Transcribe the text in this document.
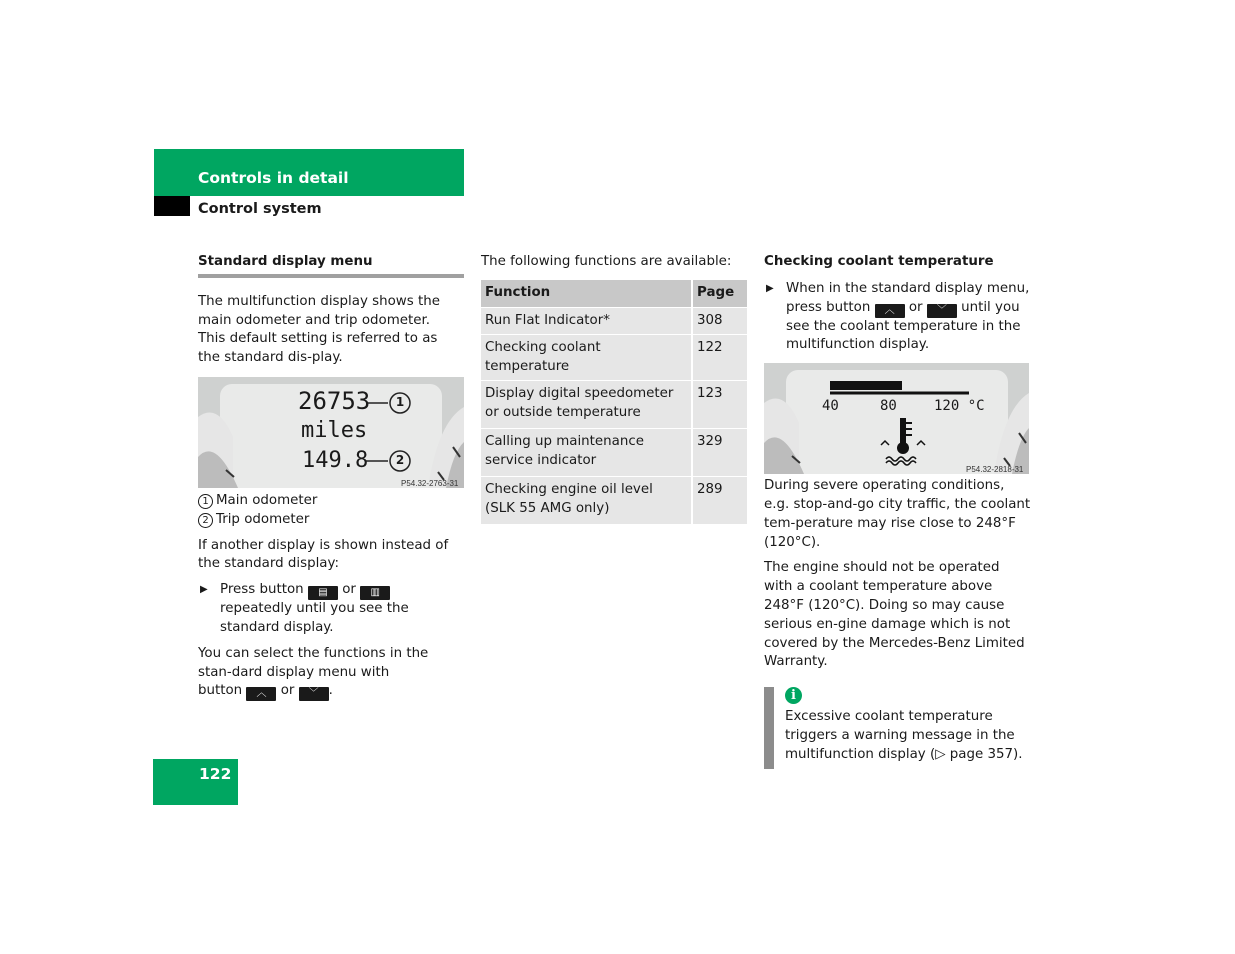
Controls in detail
Control system
Standard display menu

The multifunction display shows the main odometer and trip odometer. This default setting is referred to as the standard dis-play.

26753
miles
149.8
1
2
P54.32-2763-31
1 Main odometer
2 Trip odometer

If another display is shown instead of the standard display:

▶ Press button ▤ or ▥ repeatedly until you see the standard display.

You can select the functions in the stan-dard display menu with
button ︿ or ﹀ .

The following functions are available:

Function	Page
Run Flat Indicator*	308
Checking coolant temperature	122
Display digital speedometer or outside temperature	123
Calling up maintenance service indicator	329
Checking engine oil level (SLK 55 AMG only)	289
Checking coolant temperature
▶ When in the standard display menu, press button ︿ or ﹀ until you see the coolant temperature in the multifunction display.
40	80	120 °C
P54.32-2818-31

During severe operating conditions, e.g. stop-and-go city traffic, the coolant tem-perature may rise close to 248°F (120°C).

The engine should not be operated with a coolant temperature above 248°F (120°C). Doing so may cause serious en-gine damage which is not covered by the Mercedes-Benz Limited Warranty.

i

Excessive coolant temperature triggers a warning message in the multifunction display (▷ page 357).

122
